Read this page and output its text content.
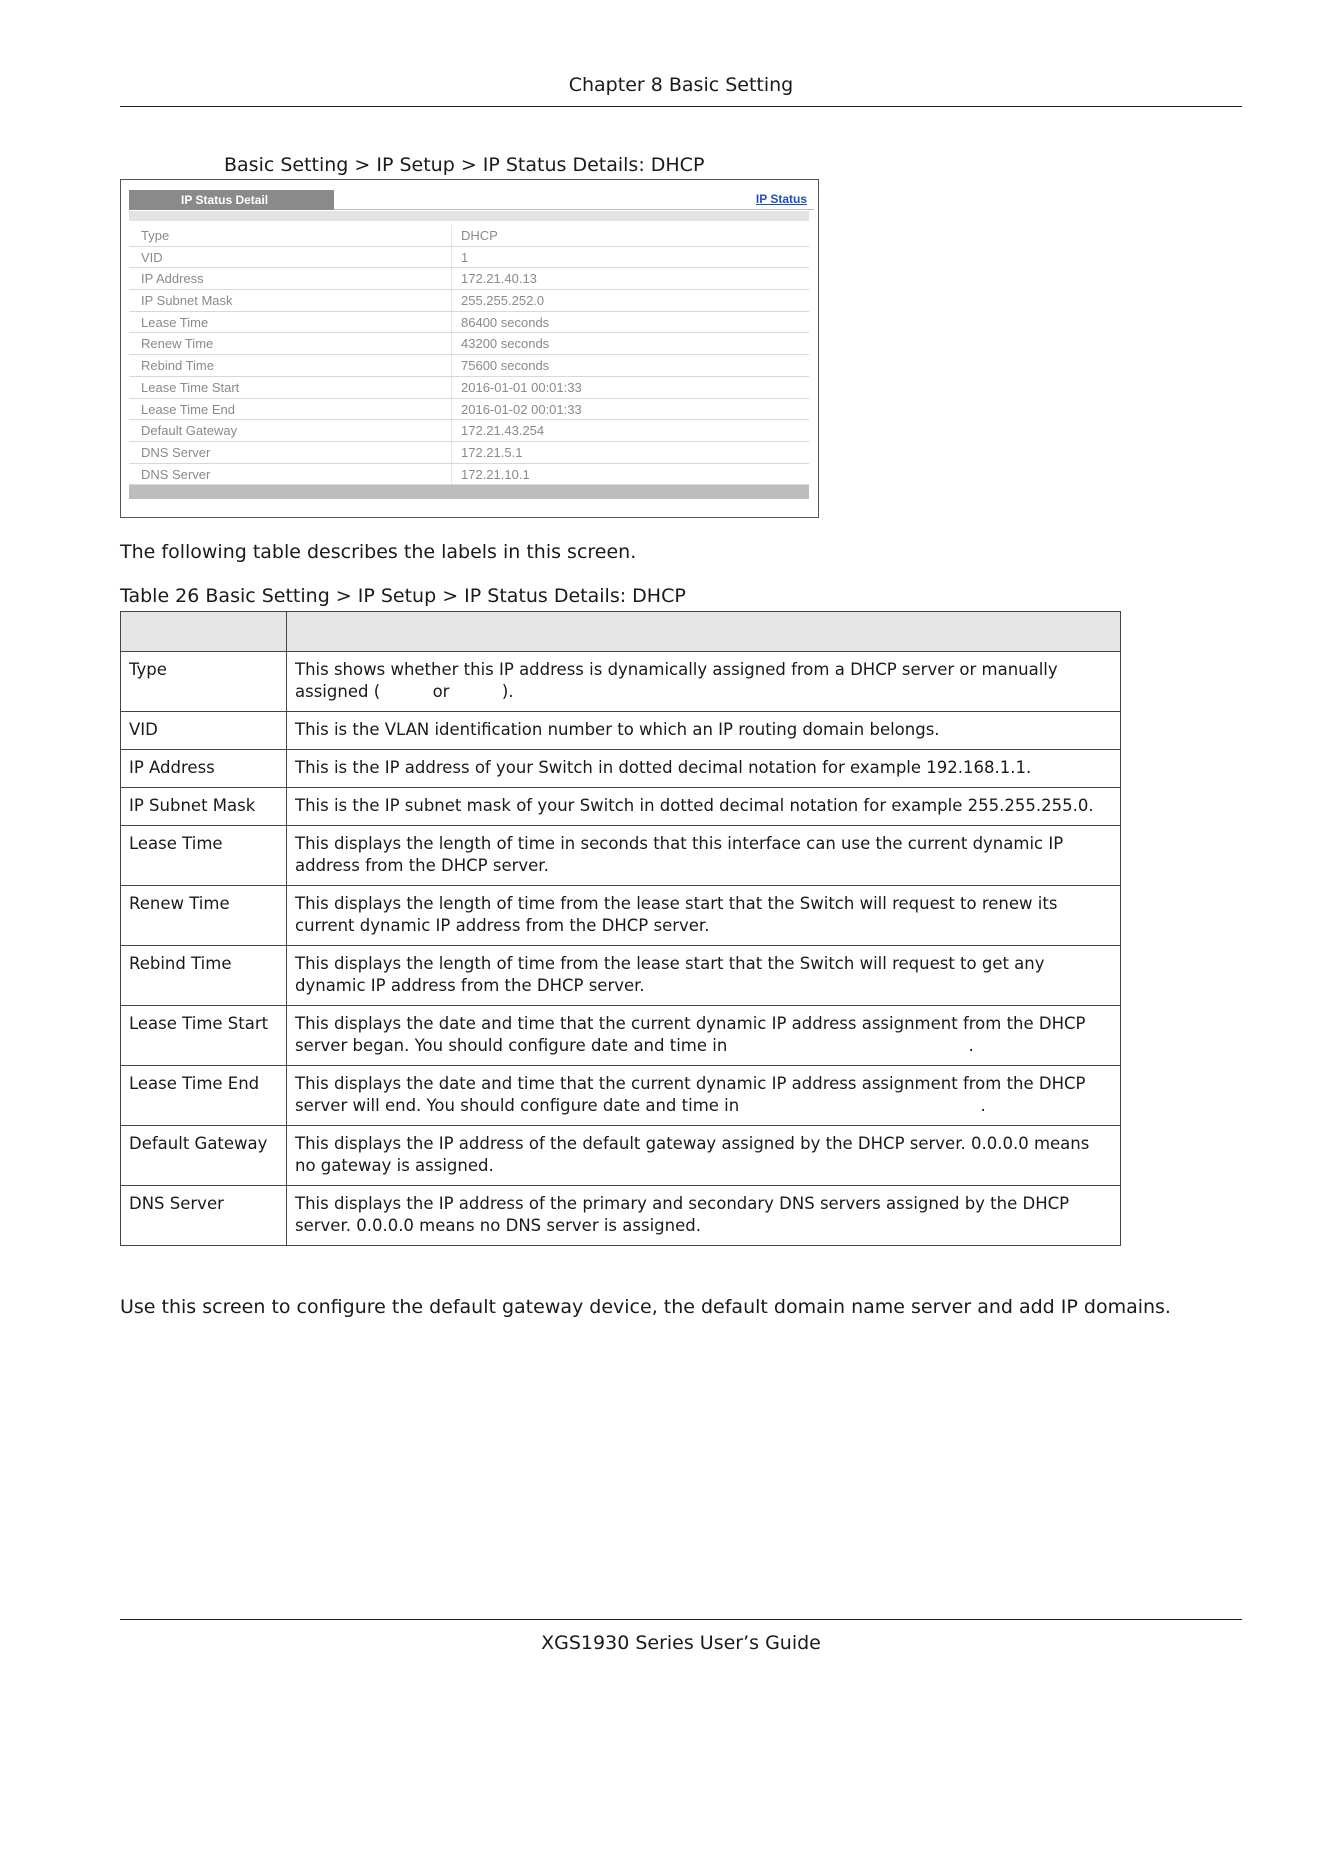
Chapter 8 Basic Setting
Basic Setting > IP Setup > IP Status Details: DHCP
IP Status Detail	IP Status
Type	DHCP
VID	1
IP Address	172.21.40.13
IP Subnet Mask	255.255.252.0
Lease Time	86400 seconds
Renew Time	43200 seconds
Rebind Time	75600 seconds
Lease Time Start	2016-01-01 00:01:33
Lease Time End	2016-01-02 00:01:33
Default Gateway	172.21.43.254
DNS Server	172.21.5.1
DNS Server	172.21.10.1
The following table describes the labels in this screen.
Table 26 Basic Setting > IP Setup > IP Status Details: DHCP

Type	This shows whether this IP address is dynamically assigned from a DHCP server or manually assigned (          or          ).
VID	This is the VLAN identification number to which an IP routing domain belongs.
IP Address	This is the IP address of your Switch in dotted decimal notation for example 192.168.1.1.
IP Subnet Mask	This is the IP subnet mask of your Switch in dotted decimal notation for example 255.255.255.0.
Lease Time	This displays the length of time in seconds that this interface can use the current dynamic IP address from the DHCP server.
Renew Time	This displays the length of time from the lease start that the Switch will request to renew its current dynamic IP address from the DHCP server.
Rebind Time	This displays the length of time from the lease start that the Switch will request to get any dynamic IP address from the DHCP server.
Lease Time Start	This displays the date and time that the current dynamic IP address assignment from the DHCP server began. You should configure date and time in                                              .
Lease Time End	This displays the date and time that the current dynamic IP address assignment from the DHCP server will end. You should configure date and time in                                              .
Default Gateway	This displays the IP address of the default gateway assigned by the DHCP server. 0.0.0.0 means no gateway is assigned.
DNS Server	This displays the IP address of the primary and secondary DNS servers assigned by the DHCP server. 0.0.0.0 means no DNS server is assigned.
Use this screen to configure the default gateway device, the default domain name server and add IP domains.
XGS1930 Series User’s Guide
